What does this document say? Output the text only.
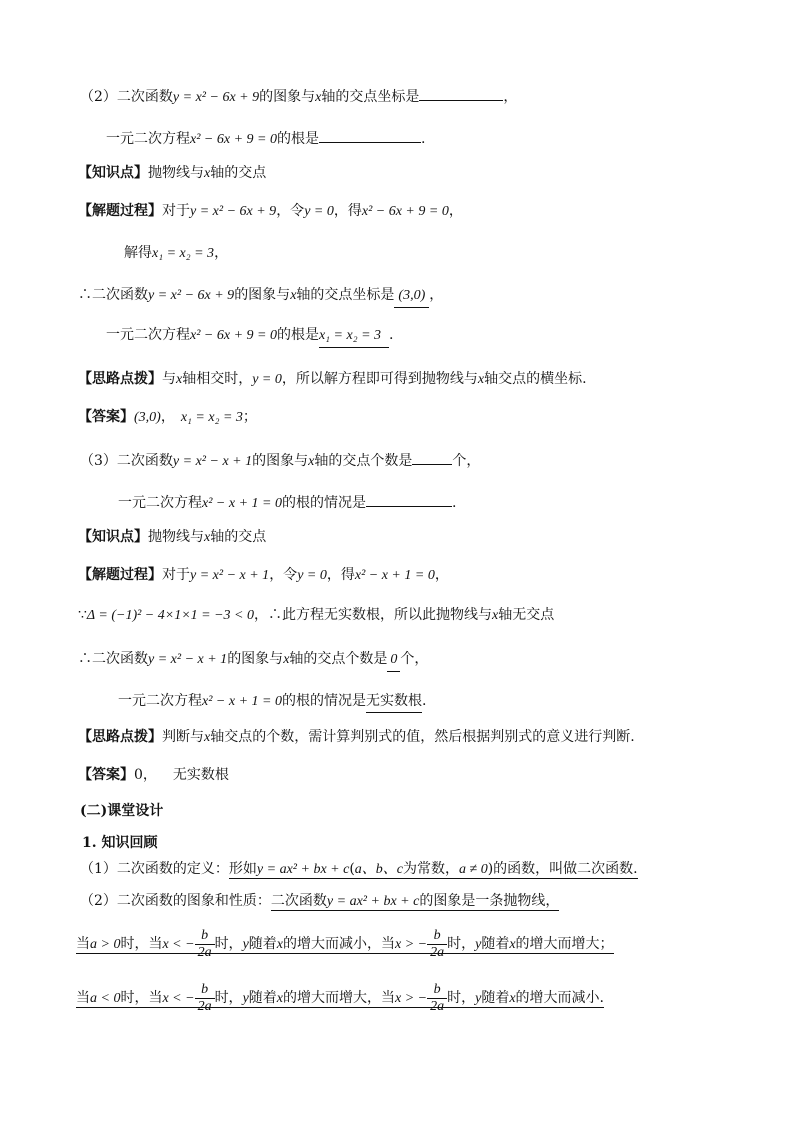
（2）二次函数y = x² − 6x + 9的图象与x轴的交点坐标是	，
一元二次方程x² − 6x + 9 = 0的根是	.
【知识点】抛物线与x轴的交点
【解题过程】对于y = x² − 6x + 9，令y = 0，得x² − 6x + 9 = 0，
解得x₁ = x₂ = 3，
∴二次函数y = x² − 6x + 9的图象与x轴的交点坐标是 (3,0) ，
一元二次方程x² − 6x + 9 = 0的根是x₁ = x₂ = 3 .
【思路点拨】与x轴相交时，y = 0，所以解方程即可得到抛物线与x轴交点的横坐标.
【答案】(3,0)， x₁ = x₂ = 3；
（3）二次函数y = x² − x + 1的图象与x轴的交点个数是	个，
一元二次方程x² − x + 1 = 0的根的情况是	.
【知识点】抛物线与x轴的交点
【解题过程】对于y = x² − x + 1，令y = 0，得x² − x + 1 = 0，
∵Δ = (−1)² − 4×1×1 = −3 < 0，∴此方程无实数根，所以此抛物线与x轴无交点
∴二次函数y = x² − x + 1的图象与x轴的交点个数是 0 个，
一元二次方程x² − x + 1 = 0的根的情况是无实数根.
【思路点拨】判断与x轴交点的个数，需计算判别式的值，然后根据判别式的意义进行判断.
【答案】0， 无实数根
(二)课堂设计
1. 知识回顾
（1）二次函数的定义：形如y = ax² + bx + c(a、b、c为常数，a ≠ 0)的函数，叫做二次函数.
（2）二次函数的图象和性质：二次函数y = ax² + bx + c的图象是一条抛物线，
当a > 0时，当x < − $\frac{b}{2a}$ 时，y随着x的增大而减小，当x > − $\frac{b}{2a}$ 时，y随着x的增大而增大；
当a < 0时，当x < − $\frac{b}{2a}$ 时，y随着x的增大而增大，当x > − $\frac{b}{2a}$ 时，y随着x的增大而减小.
